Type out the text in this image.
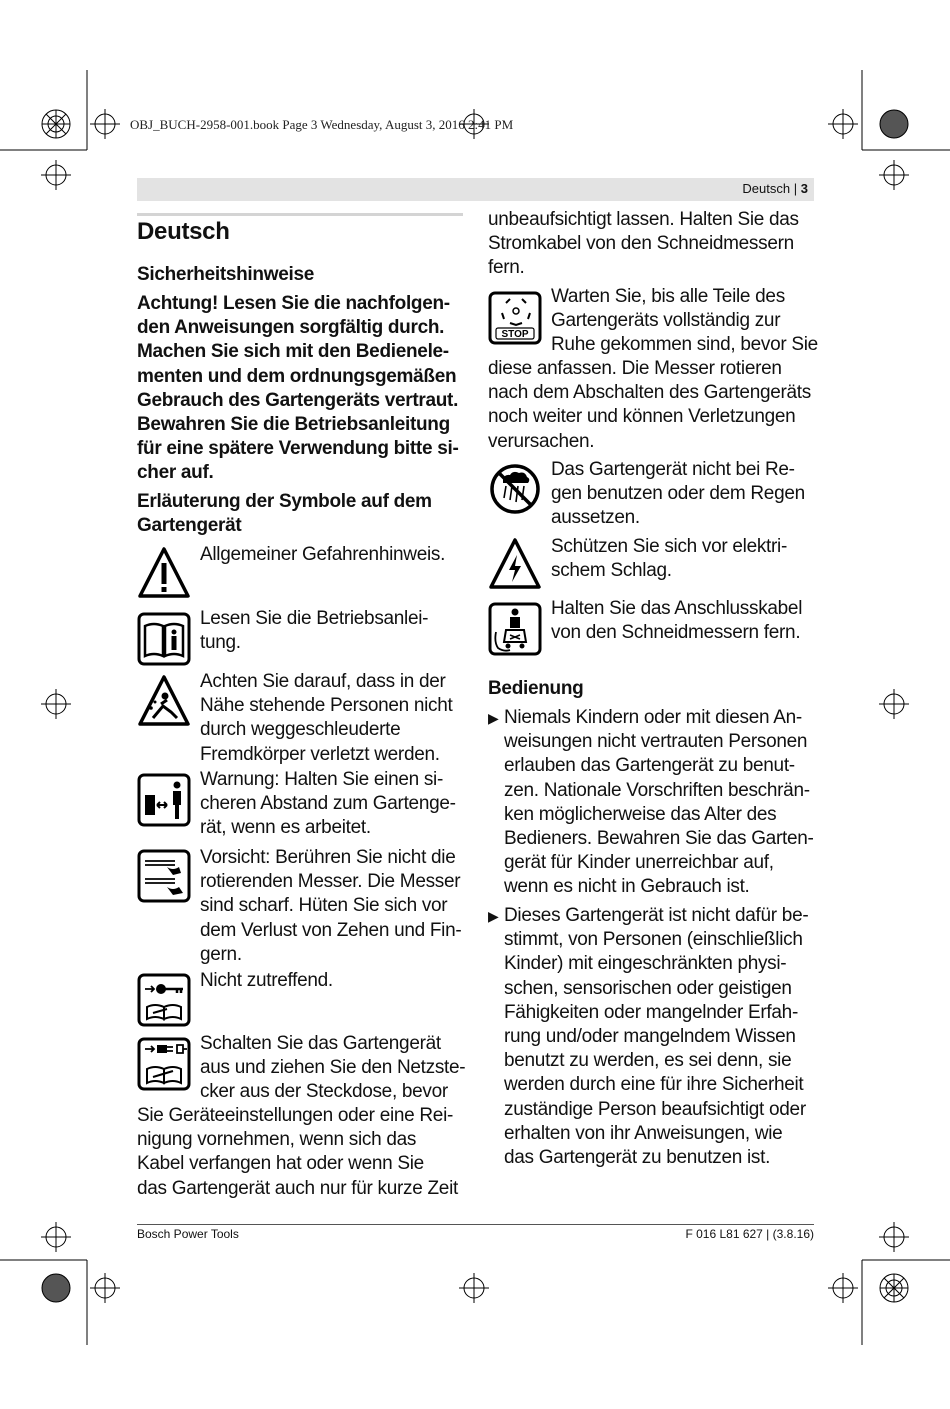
OBJ_BUCH-2958-001.book Page 3 Wednesday, August 3, 2016 2:41 PM
Deutsch | 3
Deutsch
Sicherheitshinweise

Achtung! Lesen Sie die nachfolgen-

den Anweisungen sorgfältig durch.

Machen Sie sich mit den Bedienele-

menten und dem ordnungsgemäßen

Gebrauch des Gartengeräts vertraut.

Bewahren Sie die Betriebsanleitung

für eine spätere Verwendung bitte si-

cher auf.

Erläuterung der Symbole auf dem

Gartengerät

Allgemeiner Gefahrenhinweis.

Lesen Sie die Betriebsanlei-

tung.

Achten Sie darauf, dass in der

Nähe stehende Personen nicht

durch weggeschleuderte

Fremdkörper verletzt werden.

Warnung: Halten Sie einen si-

cheren Abstand zum Gartenge-

rät, wenn es arbeitet.

Vorsicht: Berühren Sie nicht die

rotierenden Messer. Die Messer

sind scharf. Hüten Sie sich vor

dem Verlust von Zehen und Fin-

gern.

Nicht zutreffend.

Schalten Sie das Gartengerät

aus und ziehen Sie den Netzste-

cker aus der Steckdose, bevor

Sie Geräteeinstellungen oder eine Rei-

nigung vornehmen, wenn sich das

Kabel verfangen hat oder wenn Sie

das Gartengerät auch nur für kurze Zeit

unbeaufsichtigt lassen. Halten Sie das

Stromkabel von den Schneidmessern

fern.

STOP

Warten Sie, bis alle Teile des

Gartengeräts vollständig zur

Ruhe gekommen sind, bevor Sie

diese anfassen. Die Messer rotieren

nach dem Abschalten des Gartengeräts

noch weiter und können Verletzungen

verursachen.

Das Gartengerät nicht bei Re-

gen benutzen oder dem Regen

aussetzen.

Schützen Sie sich vor elektri-

schem Schlag.

Halten Sie das Anschlusskabel

von den Schneidmessern fern.

Bedienung
▶ Niemals Kindern oder mit diesen An-

weisungen nicht vertrauten Personen

erlauben das Gartengerät zu benut-

zen. Nationale Vorschriften beschrän-

ken möglicherweise das Alter des

Bedieners. Bewahren Sie das Garten-

gerät für Kinder unerreichbar auf,

wenn es nicht in Gebrauch ist.

▶ Dieses Gartengerät ist nicht dafür be-

stimmt, von Personen (einschließlich

Kinder) mit eingeschränkten physi-

schen, sensorischen oder geistigen

Fähigkeiten oder mangelnder Erfah-

rung und/oder mangelndem Wissen

benutzt zu werden, es sei denn, sie

werden durch eine für ihre Sicherheit

zuständige Person beaufsichtigt oder

erhalten von ihr Anweisungen, wie

das Gartengerät zu benutzen ist.

Bosch Power Tools	F 016 L81 627 | (3.8.16)
